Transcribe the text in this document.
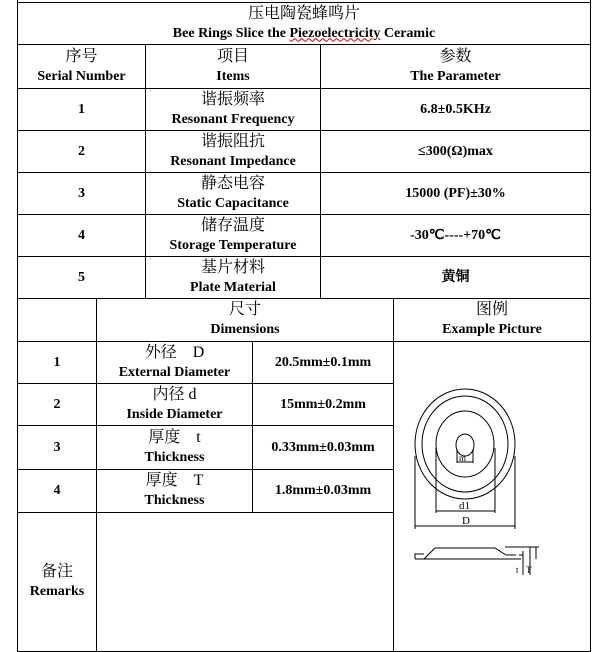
压电陶瓷蜂鸣片
Bee Rings Slice the Piezoelectricity Ceramic
序号
Serial Number
项目
Items
参数
The Parameter
1
谐振频率
Resonant Frequency
6.8±0.5KHz
2
谐振阻抗
Resonant Impedance
≤300(Ω)max
3
静态电容
Static Capacitance
15000 (PF)±30%
4
储存温度
Storage Temperature
-30℃----+70℃
5
基片材料
Plate Material
黄铜
尺寸
Dimensions
图例
Example Picture
1
外径　D
External Diameter
20.5mm±0.1mm
2
内径 d
Inside Diameter
15mm±0.2mm
3
厚度　t
Thickness
0.33mm±0.03mm
4
厚度　T
Thickness
1.8mm±0.03mm
备注
Remarks
m
d1
D
t T
